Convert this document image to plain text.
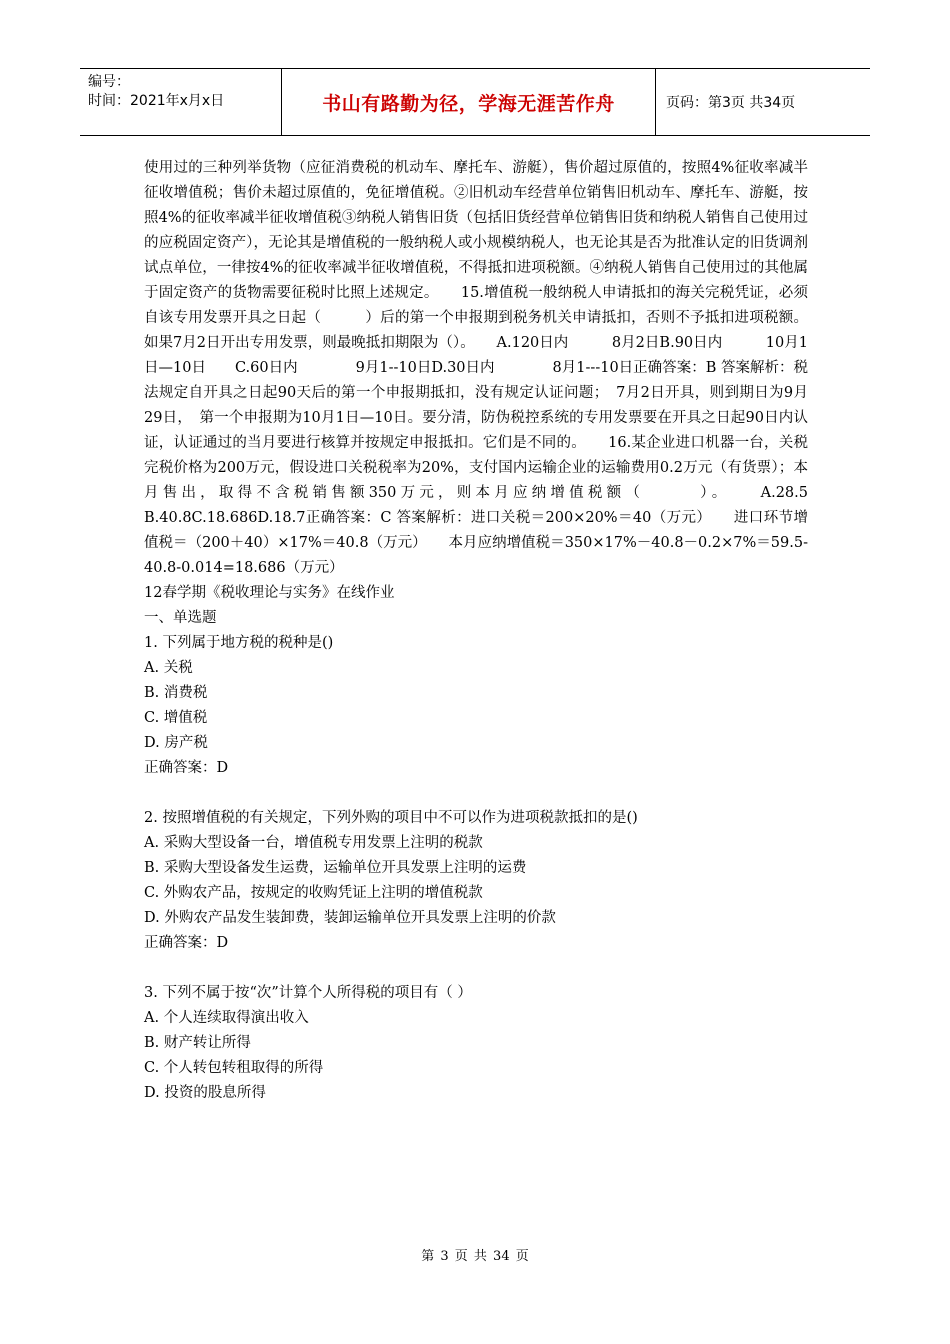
编号：
时间：2021年x月x日	书山有路勤为径，学海无涯苦作舟	页码：第3页 共34页

使用过的三种列举货物（应征消费税的机动车、摩托车、游艇），售价超过原值的，按照4%征收率减半征收增值税；售价未超过原值的，免征增值税。②旧机动车经营单位销售旧机动车、摩托车、游艇，按照4%的征收率减半征收增值税③纳税人销售旧货（包括旧货经营单位销售旧货和纳税人销售自己使用过的应税固定资产），无论其是增值税的一般纳税人或小规模纳税人，也无论其是否为批准认定的旧货调剂试点单位，一律按4%的征收率减半征收增值税，不得抵扣进项税额。④纳税人销售自己使用过的其他属于固定资产的货物需要征税时比照上述规定。　　15.增值税一般纳税人申请抵扣的海关完税凭证，必须自该专用发票开具之日起（　　　）后的第一个申报期到税务机关申请抵扣，否则不予抵扣进项税额。如果7月2日开出专用发票，则最晚抵扣期限为（）。　　A.120日内　　　8月2日B.90日内　　　10月1日—10日　　C.60日内　　　　9月1--10日D.30日内　　　　8月1---10日正确答案：B 答案解析：税法规定自开具之日起90天后的第一个申报期抵扣，没有规定认证问题；　7月2日开具，则到期日为9月29日，　第一个申报期为10月1日—10日。要分清，防伪税控系统的专用发票要在开具之日起90日内认证，认证通过的当月要进行核算并按规定申报抵扣。它们是不同的。　　16.某企业进口机器一台，关税完税价格为200万元，假设进口关税税率为20%，支付国内运输企业的运输费用0.2万元（有货票）；本月售出，取得不含税销售额350万元，则本月应纳增值税额（　　　）。　　A.28.5 B.40.8C.18.686D.18.7正确答案：C 答案解析：进口关税＝200×20%＝40（万元）　　进口环节增值税＝（200＋40）×17%＝40.8（万元）　　本月应纳增值税＝350×17%－40.8－0.2×7%＝59.5-40.8-0.014=18.686（万元）

12春学期《税收理论与实务》在线作业

一、单选题

1. 下列属于地方税的税种是()

A. 关税

B. 消费税

C. 增值税

D. 房产税

正确答案：D

2. 按照增值税的有关规定，下列外购的项目中不可以作为进项税款抵扣的是()

A. 采购大型设备一台，增值税专用发票上注明的税款

B. 采购大型设备发生运费，运输单位开具发票上注明的运费

C. 外购农产品，按规定的收购凭证上注明的增值税款

D. 外购农产品发生装卸费，装卸运输单位开具发票上注明的价款

正确答案：D

3. 下列不属于按“次”计算个人所得税的项目有（ ）

A. 个人连续取得演出收入

B. 财产转让所得

C. 个人转包转租取得的所得

D. 投资的股息所得

第 3 页 共 34 页
